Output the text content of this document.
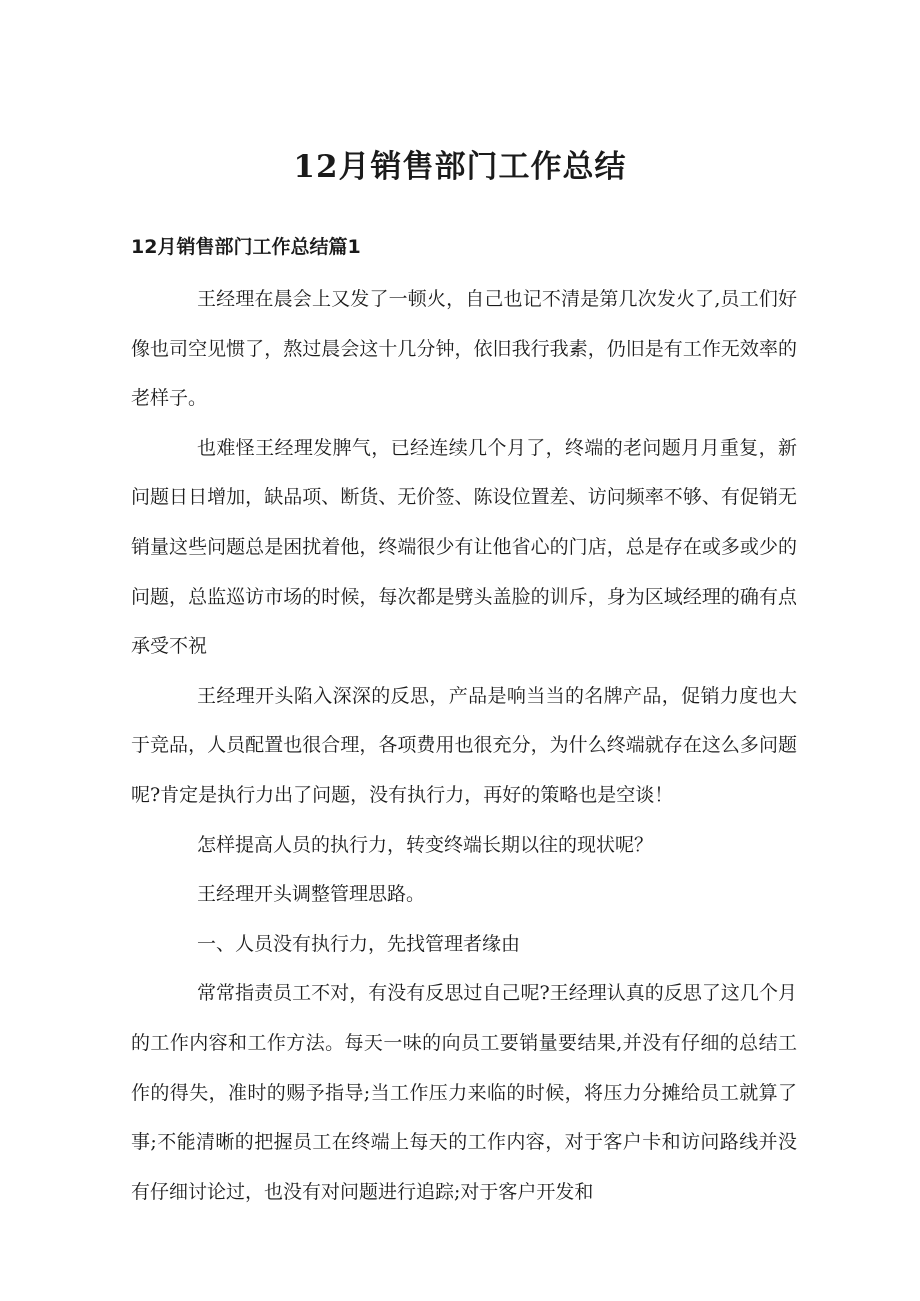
12月销售部门工作总结
12月销售部门工作总结篇1

王经理在晨会上又发了一顿火，自己也记不清是第几次发火了,员工们好像也司空见惯了，熬过晨会这十几分钟，依旧我行我素，仍旧是有工作无效率的老样子。

也难怪王经理发脾气，已经连续几个月了，终端的老问题月月重复，新问题日日增加，缺品项、断货、无价签、陈设位置差、访问频率不够、有促销无销量这些问题总是困扰着他，终端很少有让他省心的门店，总是存在或多或少的问题，总监巡访市场的时候，每次都是劈头盖脸的训斥，身为区域经理的确有点承受不祝

王经理开头陷入深深的反思，产品是响当当的名牌产品，促销力度也大于竞品，人员配置也很合理，各项费用也很充分，为什么终端就存在这么多问题呢?肯定是执行力出了问题，没有执行力，再好的策略也是空谈！

怎样提高人员的执行力，转变终端长期以往的现状呢？

王经理开头调整管理思路。

一、人员没有执行力，先找管理者缘由

常常指责员工不对，有没有反思过自己呢?王经理认真的反思了这几个月的工作内容和工作方法。每天一味的向员工要销量要结果,并没有仔细的总结工作的得失，准时的赐予指导;当工作压力来临的时候，将压力分摊给员工就算了事;不能清晰的把握员工在终端上每天的工作内容，对于客户卡和访问路线并没有仔细讨论过，也没有对问题进行追踪;对于客户开发和
